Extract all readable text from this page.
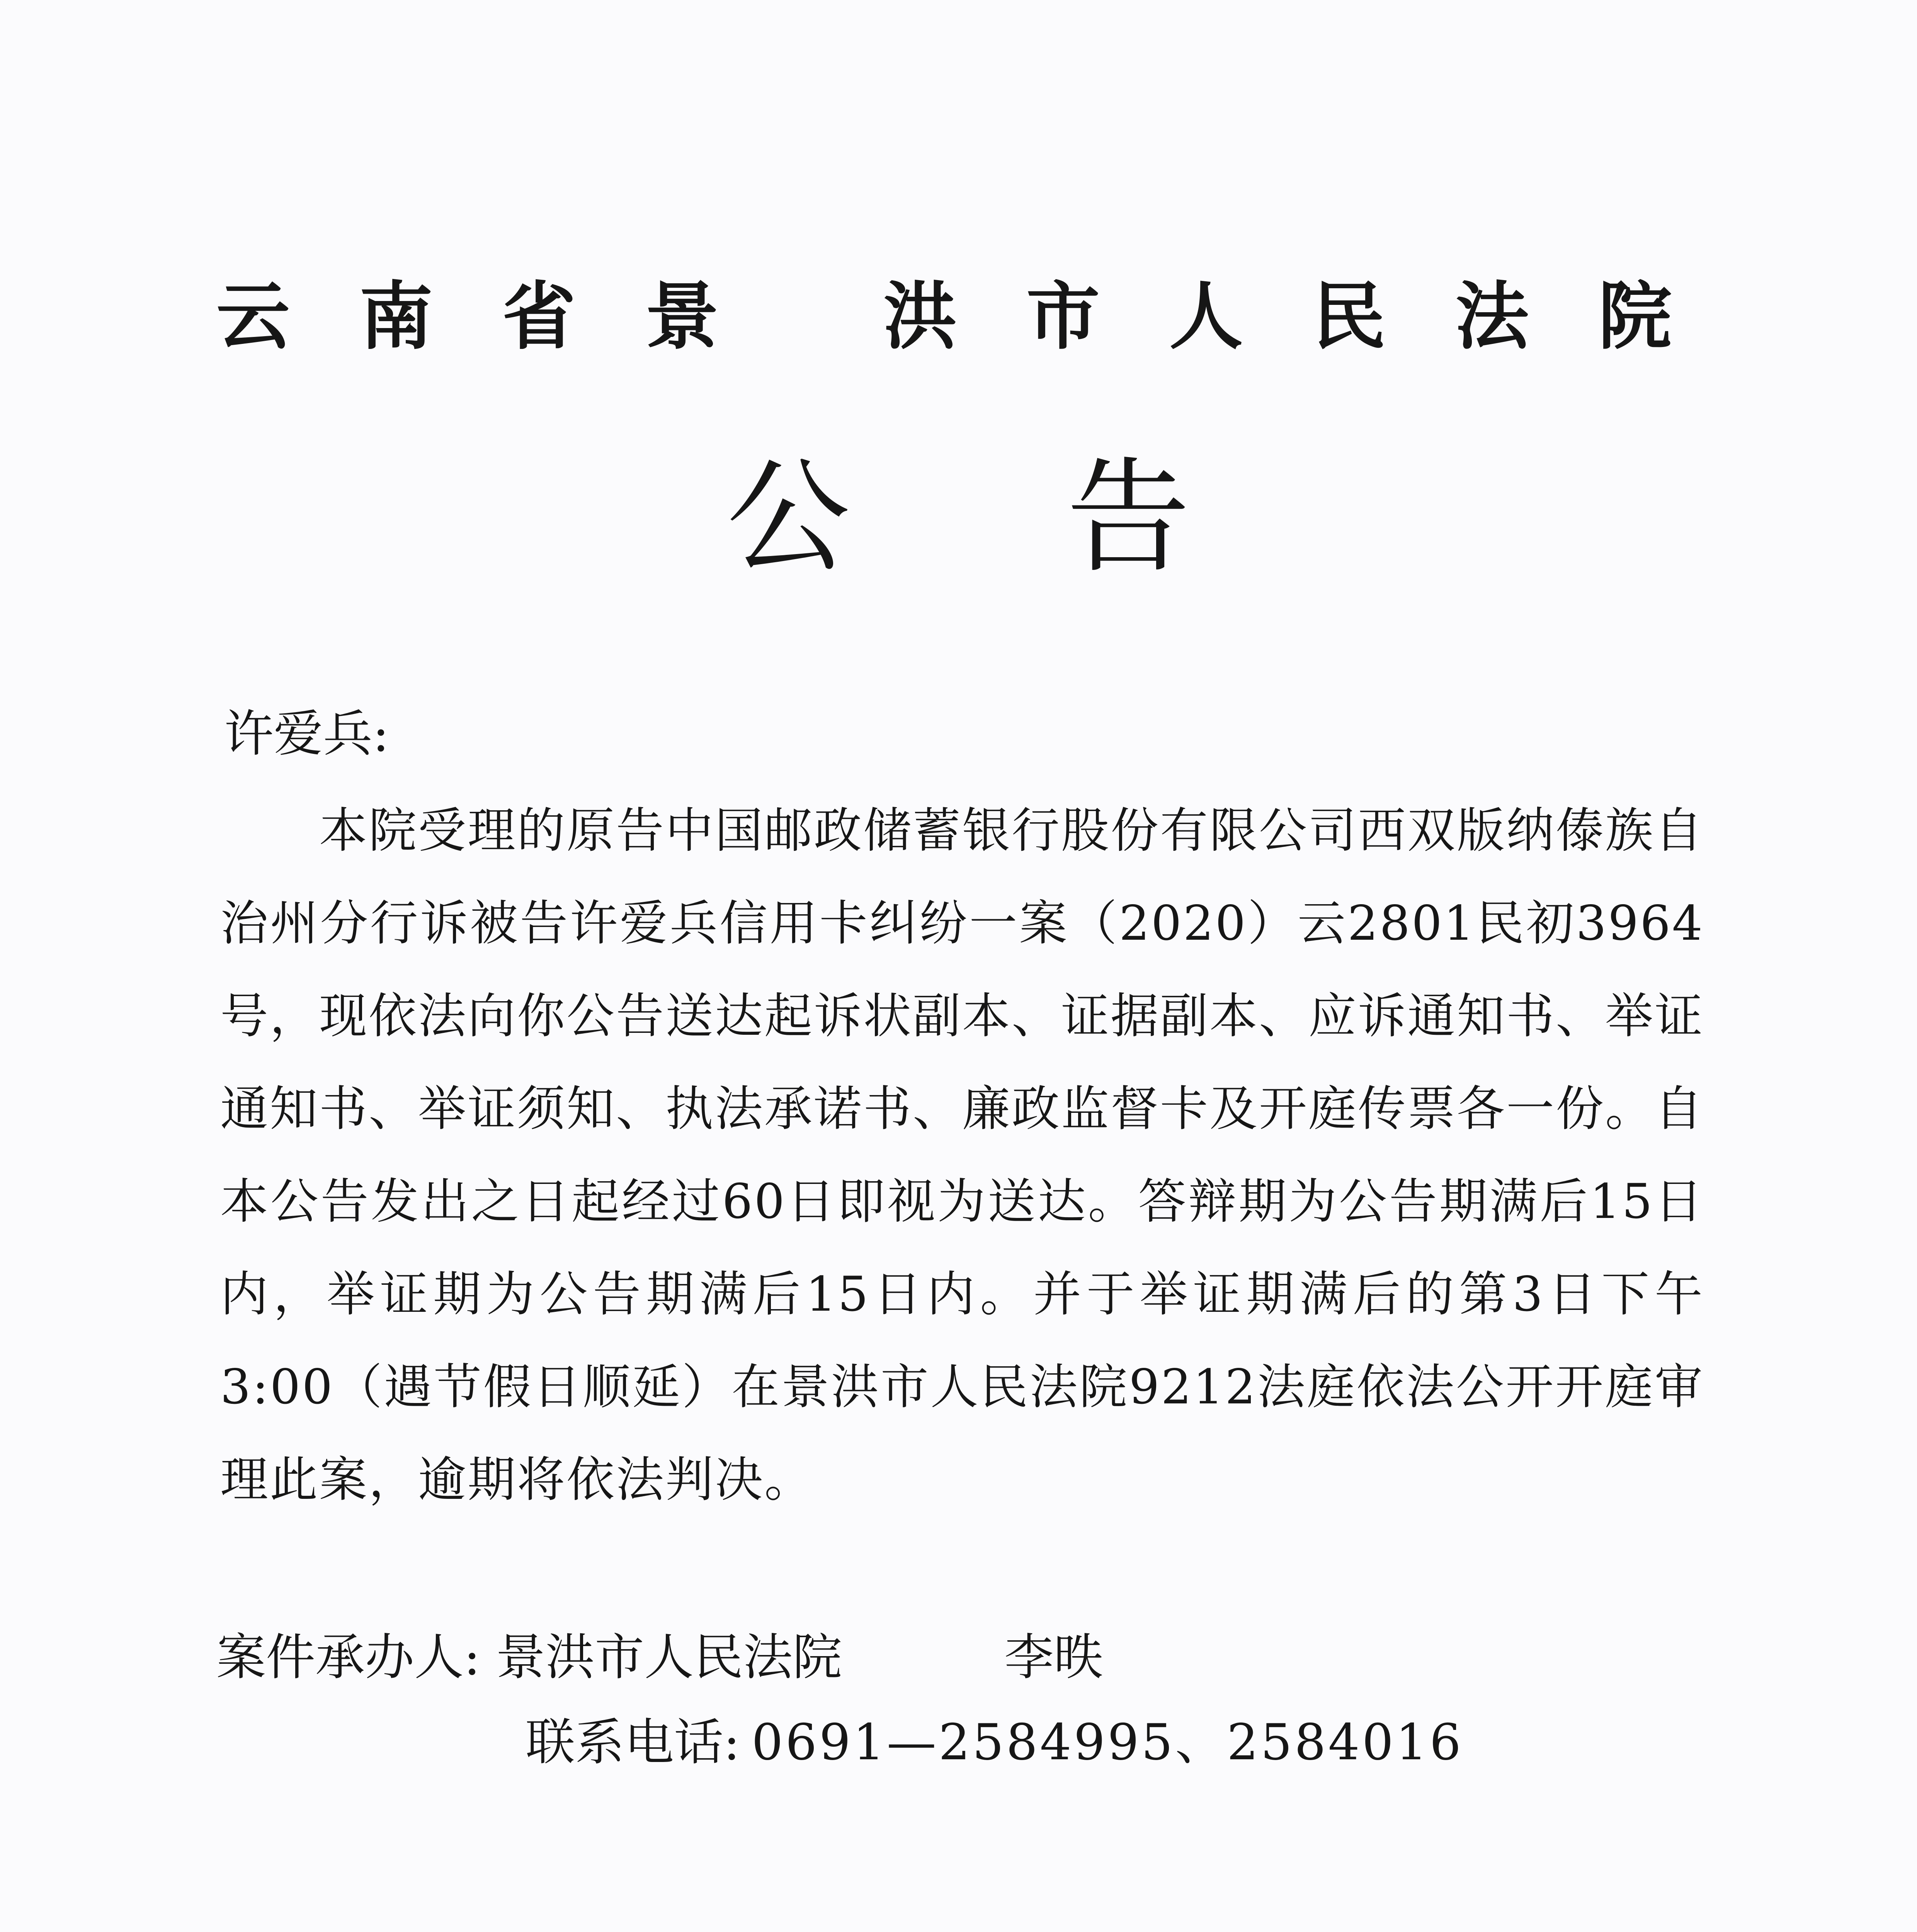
云南省景 洪市人民法院
公告
许爱兵:

本院受理的原告中国邮政储蓄银行股份有限公司西双版纳傣族自治州分行诉被告许爱兵信用卡纠纷一案（2020）云2801民初3964号，现依法向你公告送达起诉状副本、证据副本、应诉通知书、举证通知书、举证须知、执法承诺书、廉政监督卡及开庭传票各一份。自本公告发出之日起经过60日即视为送达。答辩期为公告期满后15日内，举证期为公告期满后15日内。并于举证期满后的第3日下午3:00（遇节假日顺延）在景洪市人民法院9212法庭依法公开开庭审理此案，逾期将依法判决。

案件承办人: 景洪市人民法院	李昳
联系电话: 0691—2584995、2584016
